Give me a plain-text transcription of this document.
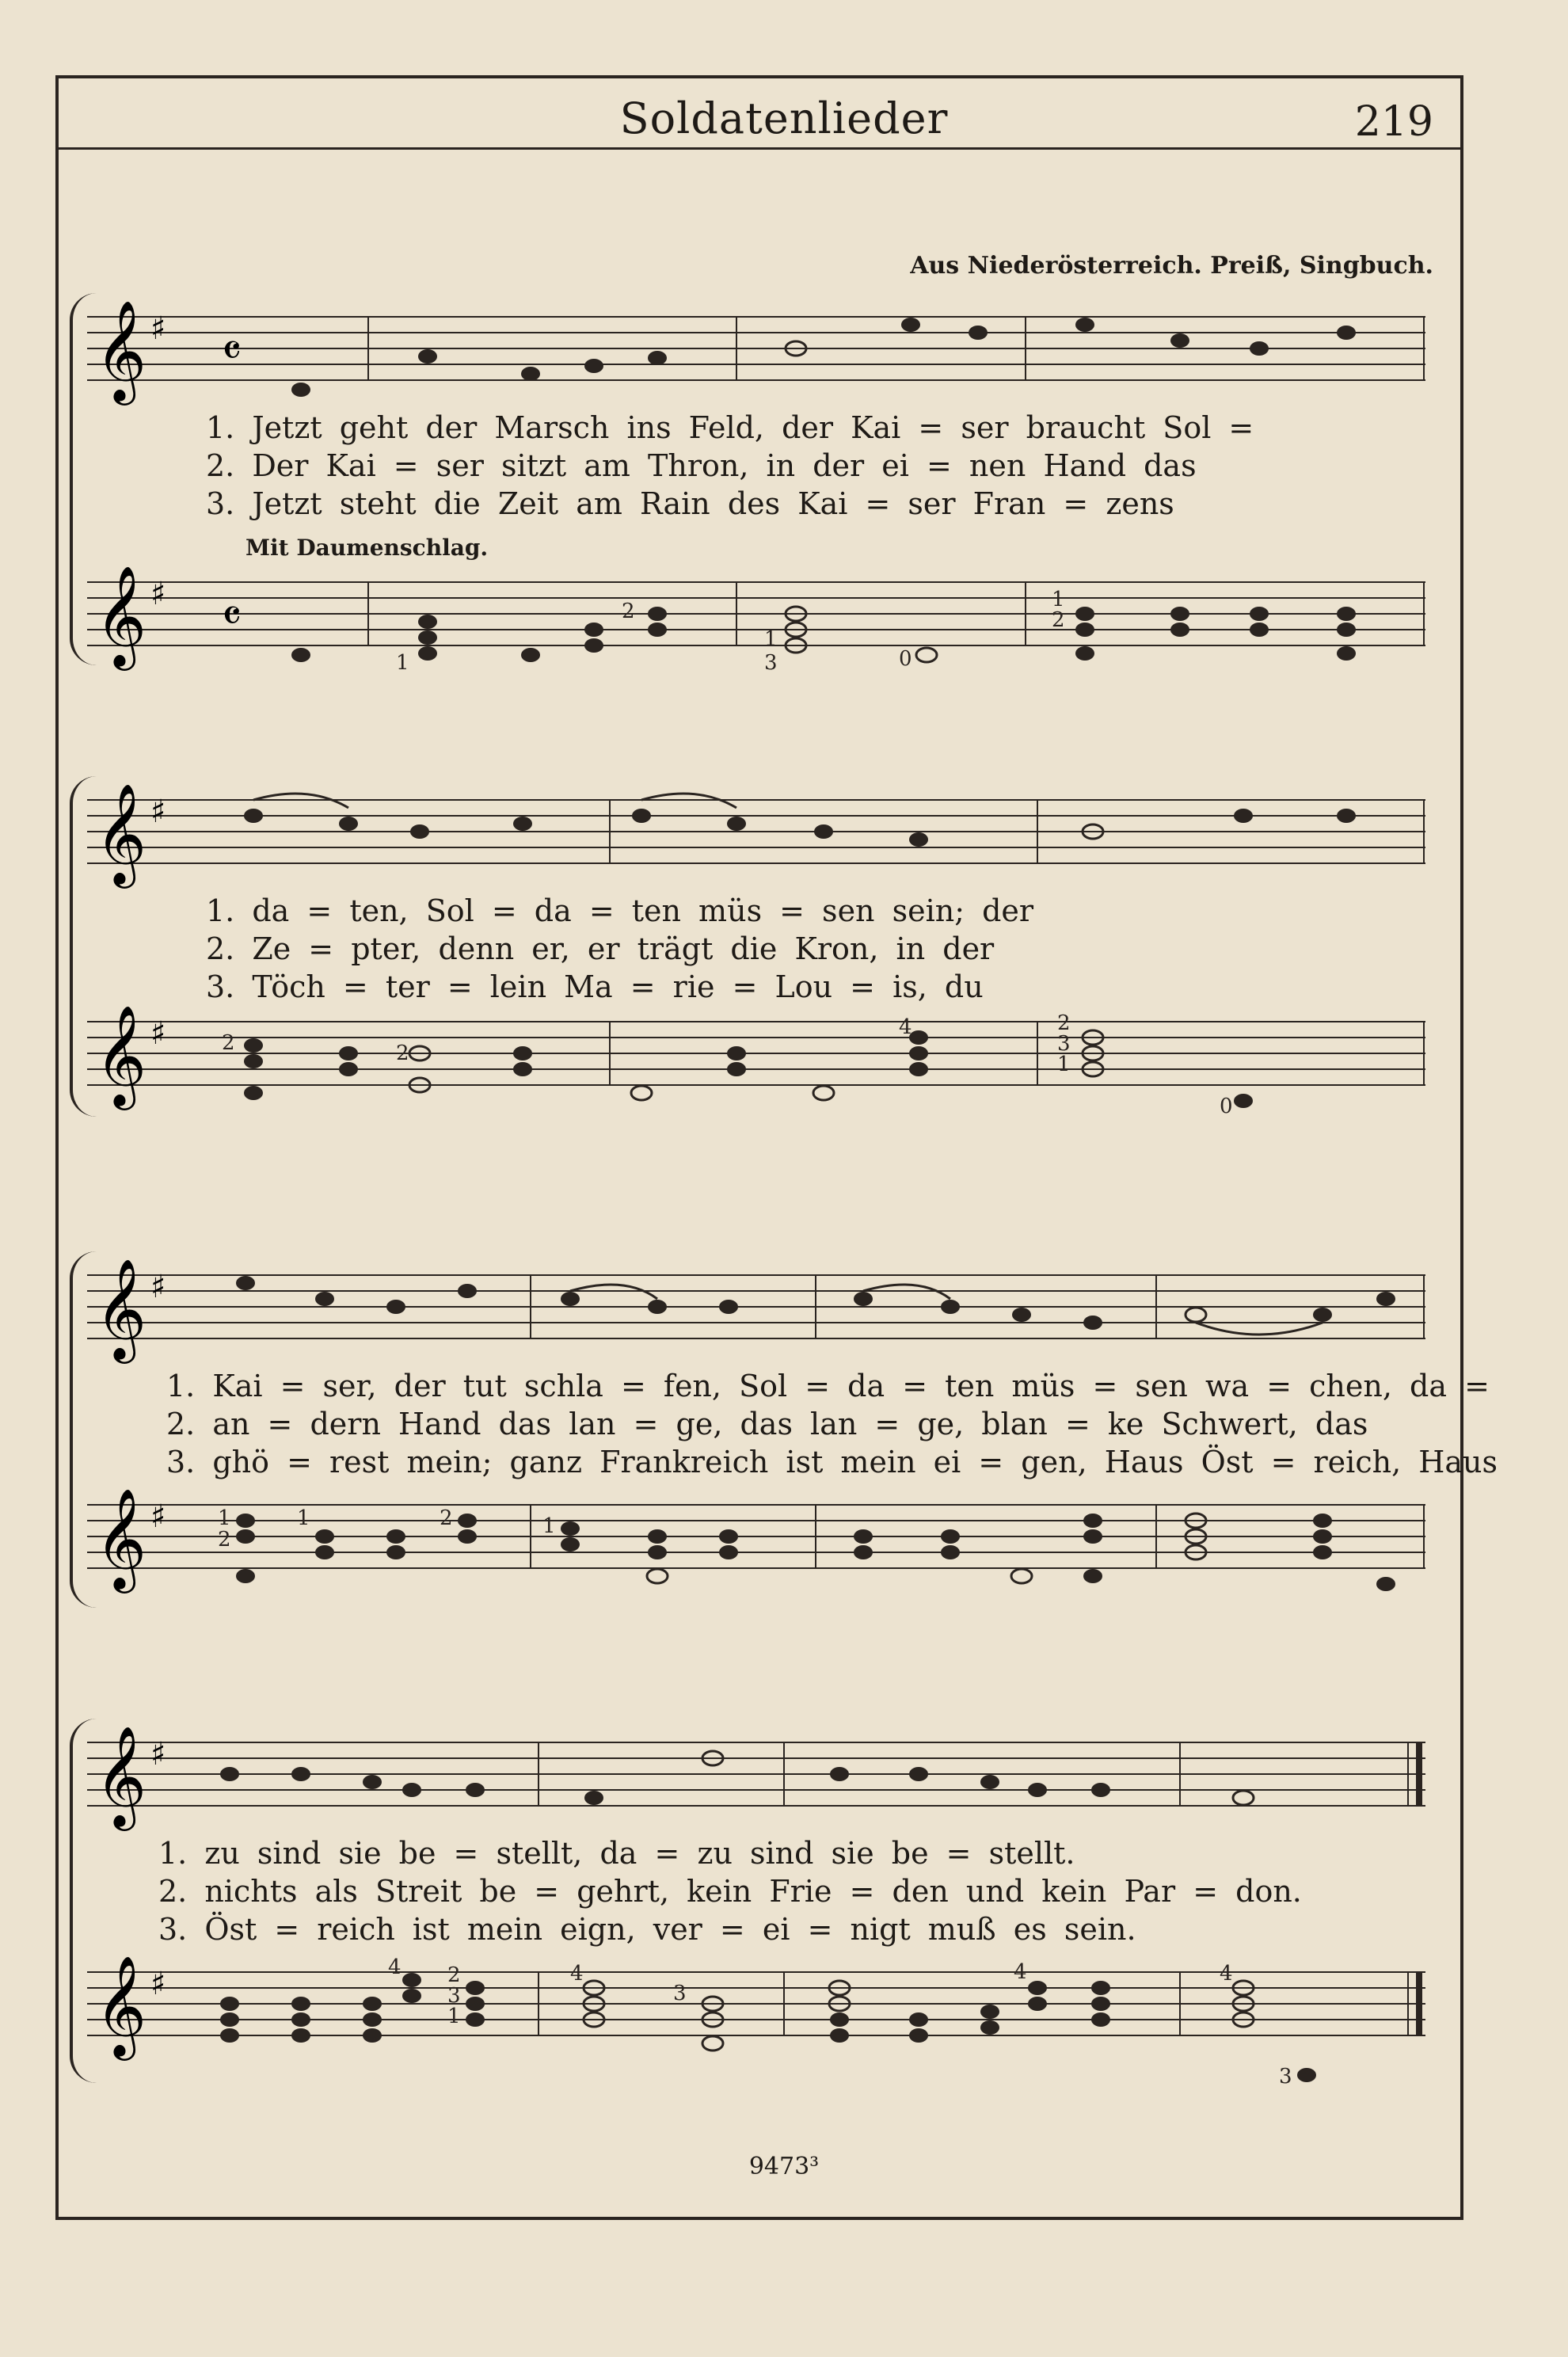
Soldatenlieder	219
Aus Niederösterreich. Preiß, Singbuch.
𝄞 ♯ 𝄴
1. Jetzt geht der Marsch ins Feld, der Kai = ser braucht Sol =
2. Der Kai = ser sitzt am Thron, in der ei = nen Hand das
3. Jetzt steht die Zeit am Rain des Kai = ser Fran = zens
Mit Daumenschlag.
𝄞 ♯ 𝄴
1
2
1
3	0
1
2
𝄞 ♯
1. da = ten, Sol = da = ten müs = sen sein; der
2. Ze = pter, denn er, er trägt die Kron, in der
3. Töch = ter = lein Ma = rie = Lou = is, du
𝄞 ♯	2	2
4	2
3
1
0
𝄞 ♯
1. Kai = ser, der tut schla = fen, Sol = da = ten müs = sen wa = chen, da =
2. an = dern Hand das lan = ge, das lan = ge, blan = ke Schwert, das
3. ghö = rest mein; ganz Frankreich ist mein ei = gen, Haus Öst = reich, Haus
𝄞 ♯	1
2
1	2	1
𝄞 ♯
1. zu sind sie be = stellt, da = zu sind sie be = stellt.
2. nichts als Streit be = gehrt, kein Frie = den und kein Par = don.
3. Öst = reich ist mein eign, ver = ei = nigt muß es sein.
𝄞 ♯	4 2
3
1
4
3
4	4
3
9473³
